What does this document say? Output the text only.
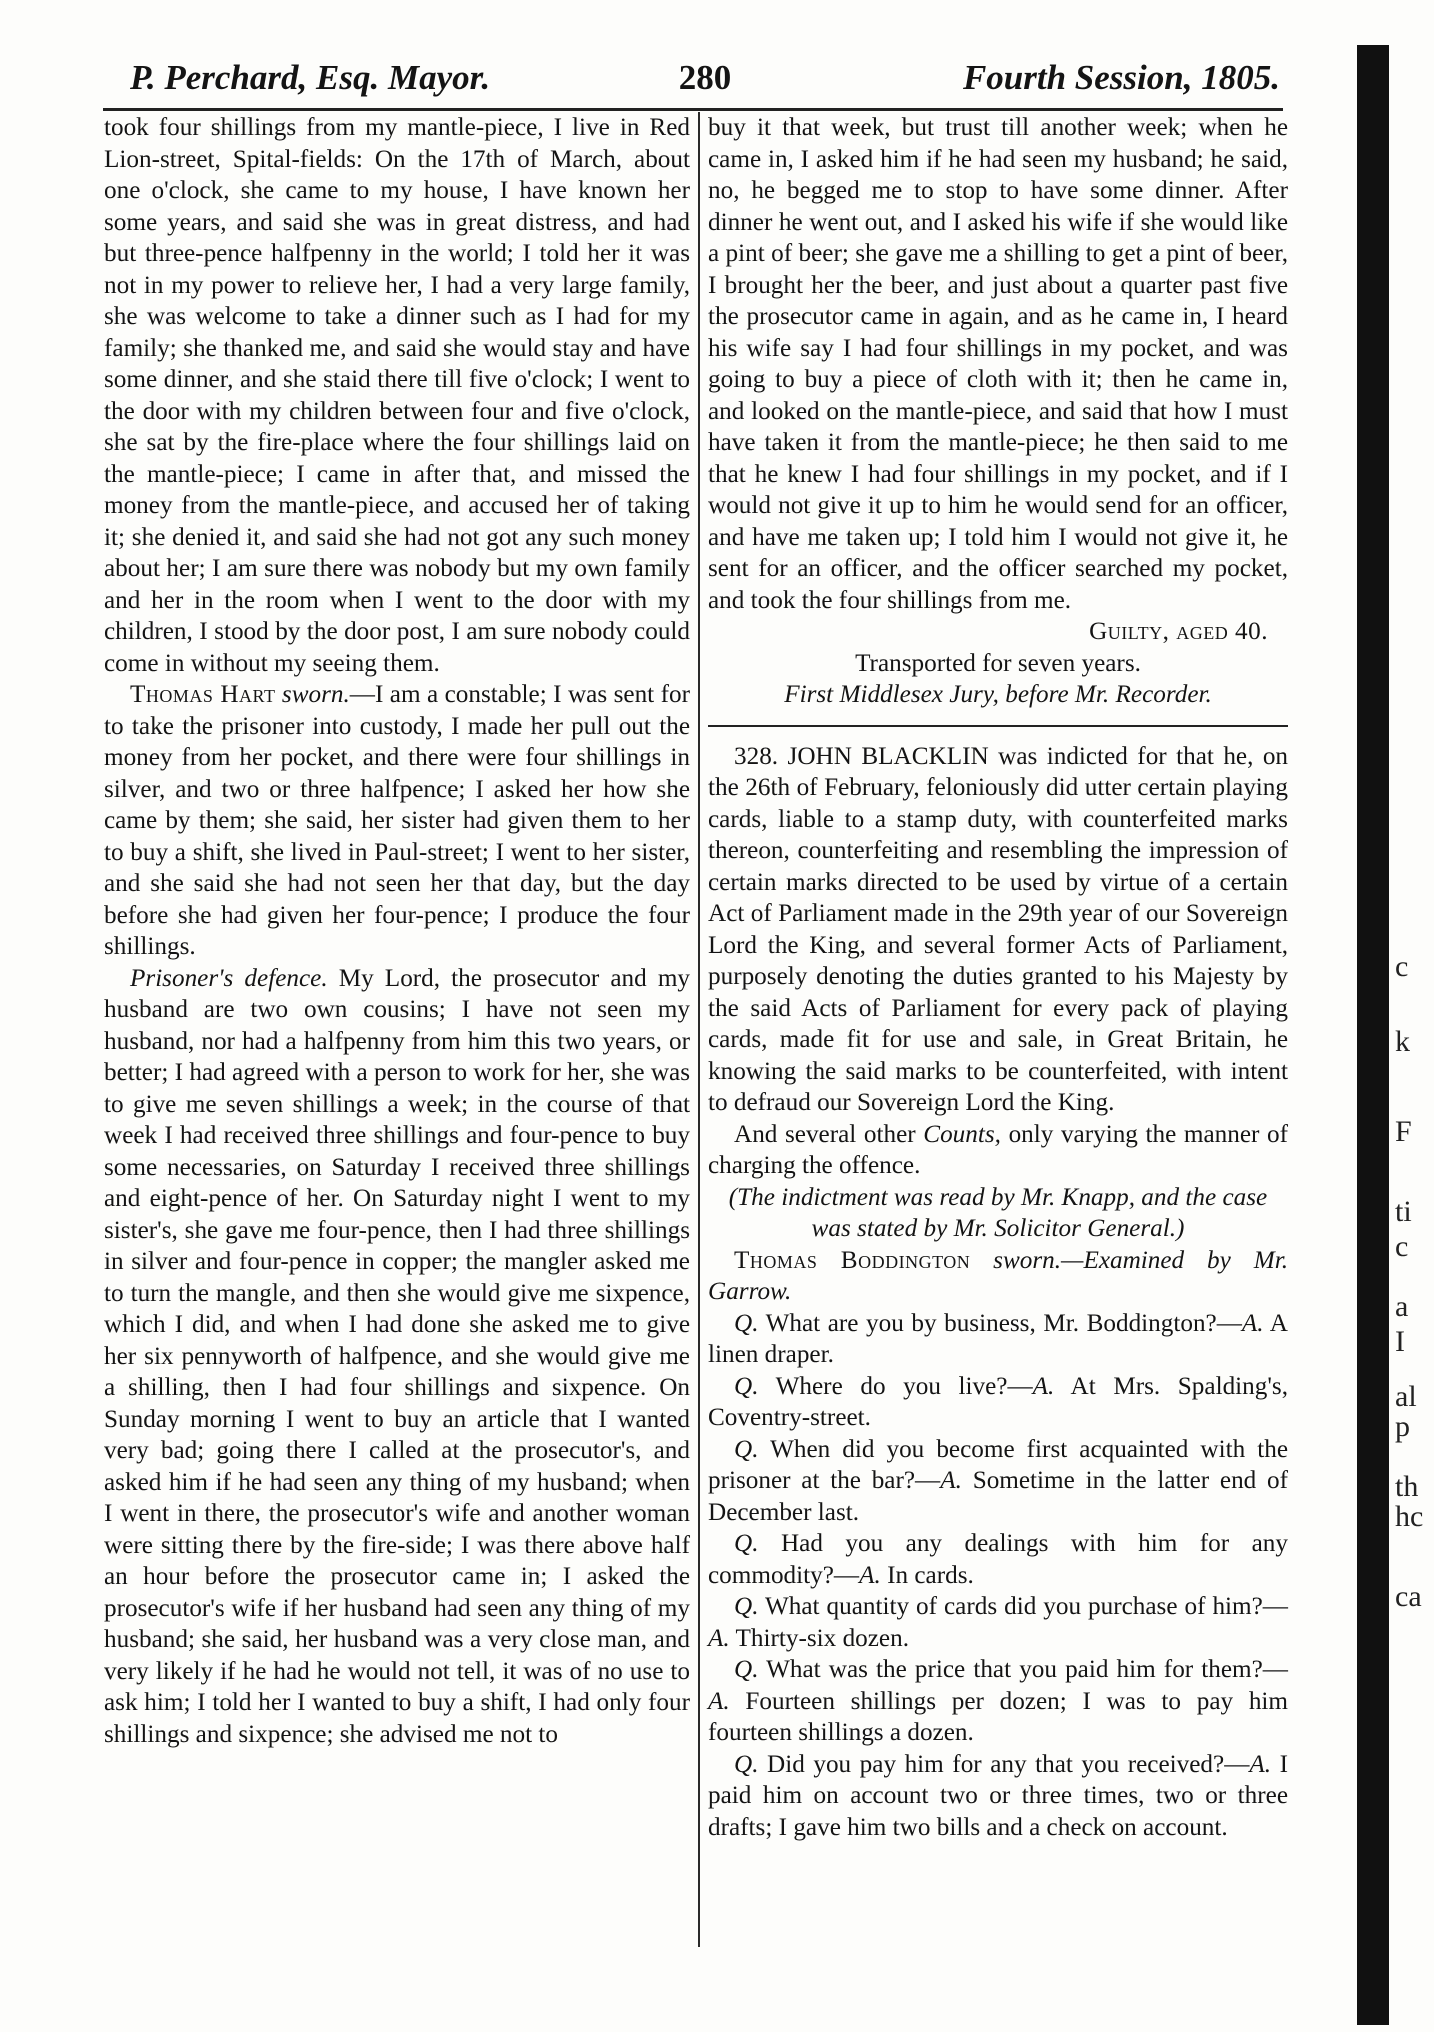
P. Perchard, Esq. Mayor.	280	Fourth Session, 1805.
c
k
F
ti
c
a
I
al
p
th
hc
ca

took four shillings from my mantle-piece, I live in Red Lion-street, Spital-fields: On the 17th of March, about one o'clock, she came to my house, I have known her some years, and said she was in great distress, and had but three-pence halfpenny in the world; I told her it was not in my power to relieve her, I had a very large family, she was welcome to take a dinner such as I had for my family; she thanked me, and said she would stay and have some dinner, and she staid there till five o'clock; I went to the door with my children between four and five o'clock, she sat by the fire-place where the four shillings laid on the mantle-piece; I came in after that, and missed the money from the mantle-piece, and accused her of taking it; she denied it, and said she had not got any such money about her; I am sure there was nobody but my own family and her in the room when I went to the door with my children, I stood by the door post, I am sure nobody could come in without my seeing them.

Thomas Hart sworn.—I am a constable; I was sent for to take the prisoner into custody, I made her pull out the money from her pocket, and there were four shillings in silver, and two or three halfpence; I asked her how she came by them; she said, her sister had given them to her to buy a shift, she lived in Paul-street; I went to her sister, and she said she had not seen her that day, but the day before she had given her four-pence; I produce the four shillings.

Prisoner's defence. My Lord, the prosecutor and my husband are two own cousins; I have not seen my husband, nor had a halfpenny from him this two years, or better; I had agreed with a person to work for her, she was to give me seven shillings a week; in the course of that week I had received three shillings and four-pence to buy some necessaries, on Saturday I received three shillings and eight-pence of her. On Saturday night I went to my sister's, she gave me four-pence, then I had three shillings in silver and four-pence in copper; the mangler asked me to turn the mangle, and then she would give me sixpence, which I did, and when I had done she asked me to give her six pennyworth of halfpence, and she would give me a shilling, then I had four shillings and sixpence. On Sunday morning I went to buy an article that I wanted very bad; going there I called at the prosecutor's, and asked him if he had seen any thing of my husband; when I went in there, the prosecutor's wife and another woman were sitting there by the fire-side; I was there above half an hour before the prosecutor came in; I asked the prosecutor's wife if her husband had seen any thing of my husband; she said, her husband was a very close man, and very likely if he had he would not tell, it was of no use to ask him; I told her I wanted to buy a shift, I had only four shillings and sixpence; she advised me not to

buy it that week, but trust till another week; when he came in, I asked him if he had seen my husband; he said, no, he begged me to stop to have some dinner. After dinner he went out, and I asked his wife if she would like a pint of beer; she gave me a shilling to get a pint of beer, I brought her the beer, and just about a quarter past five the prosecutor came in again, and as he came in, I heard his wife say I had four shillings in my pocket, and was going to buy a piece of cloth with it; then he came in, and looked on the mantle-piece, and said that how I must have taken it from the mantle-piece; he then said to me that he knew I had four shillings in my pocket, and if I would not give it up to him he would send for an officer, and have me taken up; I told him I would not give it, he sent for an officer, and the officer searched my pocket, and took the four shillings from me.

Guilty, aged 40.

Transported for seven years.

First Middlesex Jury, before Mr. Recorder.

328. JOHN BLACKLIN was indicted for that he, on the 26th of February, feloniously did utter certain playing cards, liable to a stamp duty, with counterfeited marks thereon, counterfeiting and resembling the impression of certain marks directed to be used by virtue of a certain Act of Parliament made in the 29th year of our Sovereign Lord the King, and several former Acts of Parliament, purposely denoting the duties granted to his Majesty by the said Acts of Parliament for every pack of playing cards, made fit for use and sale, in Great Britain, he knowing the said marks to be counterfeited, with intent to defraud our Sovereign Lord the King.

And several other Counts, only varying the manner of charging the offence.

(The indictment was read by Mr. Knapp, and the case was stated by Mr. Solicitor General.)

Thomas Boddington sworn.—Examined by Mr. Garrow.

Q. What are you by business, Mr. Boddington?—A. A linen draper.

Q. Where do you live?—A. At Mrs. Spalding's, Coventry-street.

Q. When did you become first acquainted with the prisoner at the bar?—A. Sometime in the latter end of December last.

Q. Had you any dealings with him for any commodity?—A. In cards.

Q. What quantity of cards did you purchase of him?—A. Thirty-six dozen.

Q. What was the price that you paid him for them?—A. Fourteen shillings per dozen; I was to pay him fourteen shillings a dozen.

Q. Did you pay him for any that you received?—A. I paid him on account two or three times, two or three drafts; I gave him two bills and a check on account.
